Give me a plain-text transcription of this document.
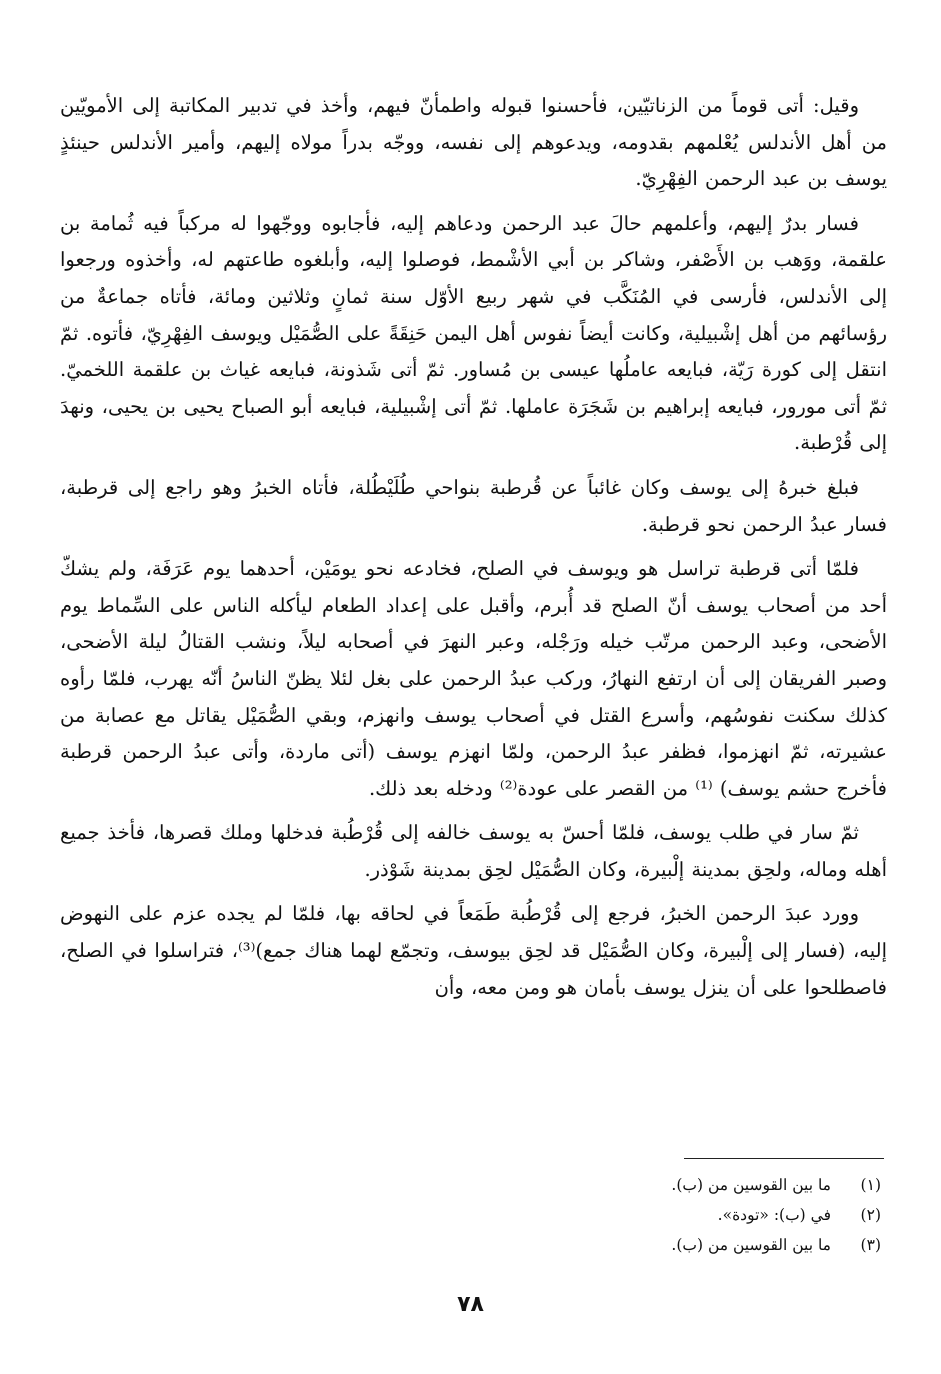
وقيل: أتى قوماً من الزناتيّين، فأحسنوا قبوله واطمأنّ فيهم، وأخذ في تدبير المكاتبة إلى الأمويّين من أهل الأندلس يُعْلمهم بقدومه، ويدعوهم إلى نفسه، ووجّه بدراً مولاه إليهم، وأمير الأندلس حينئذٍ يوسف بن عبد الرحمن الفِهْرِيّ.

فسار بدرٌ إليهم، وأعلمهم حالَ عبد الرحمن ودعاهم إليه، فأجابوه ووجّهوا له مركباً فيه ثُمامة بن علقمة، ووَهب بن الأَصْفر، وشاكر بن أبي الأشْمط، فوصلوا إليه، وأبلغوه طاعتهم له، وأخذوه ورجعوا إلى الأندلس، فأرسى في المُنَكَّب في شهر ربيع الأوّل سنة ثمانٍ وثلاثين ومائة، فأتاه جماعةٌ من رؤسائهم من أهل إشْبيلية، وكانت أيضاً نفوس أهل اليمن حَنِقَةً على الصُّمَيْل ويوسف الفِهْرِيّ، فأتوه. ثمّ انتقل إلى كورة رَيّة، فبايعه عاملُها عيسى بن مُساور. ثمّ أتى شَذونة، فبايعه غياث بن علقمة اللخميّ. ثمّ أتى مورور، فبايعه إبراهيم بن شَجَرَة عاملها. ثمّ أتى إشْبيلية، فبايعه أبو الصباح يحيى بن يحيى، ونهدَ إلى قُرْطبة.

فبلغ خبرهُ إلى يوسف وكان غائباً عن قُرطبة بنواحي طُلَيْطُلة، فأتاه الخبرُ وهو راجع إلى قرطبة، فسار عبدُ الرحمن نحو قرطبة.

فلمّا أتى قرطبة تراسل هو ويوسف في الصلح، فخادعه نحو يومَيْن، أحدهما يوم عَرَفَة، ولم يشكّ أحد من أصحاب يوسف أنّ الصلح قد أُبرم، وأقبل على إعداد الطعام ليأكله الناس على السِّماط يوم الأضحى، وعبد الرحمن مرتّب خيله ورَجْله، وعبر النهرَ في أصحابه ليلاً، ونشب القتالُ ليلة الأضحى، وصبر الفريقان إلى أن ارتفع النهارُ، وركب عبدُ الرحمن على بغل لئلا يظنّ الناسُ أنّه يهرب، فلمّا رأوه كذلك سكنت نفوسُهم، وأسرع القتل في أصحاب يوسف وانهزم، وبقي الصُّمَيْل يقاتل مع عصابة من عشيرته، ثمّ انهزموا، فظفر عبدُ الرحمن، ولمّا انهزم يوسف (أتى ماردة، وأتى عبدُ الرحمن قرطبة فأخرج حشم يوسف) ⁽¹⁾ من القصر على عودة⁽²⁾ ودخله بعد ذلك.

ثمّ سار في طلب يوسف، فلمّا أحسّ به يوسف خالفه إلى قُرْطُبة فدخلها وملك قصرها، فأخذ جميع أهله وماله، ولحِق بمدينة إلْبيرة، وكان الصُّمَيْل لحِق بمدينة شَوْذر.

وورد عبدَ الرحمن الخبرُ، فرجع إلى قُرْطُبة طَمَعاً في لحاقه بها، فلمّا لم يجده عزم على النهوض إليه، (فسار إلى إلْبيرة، وكان الصُّمَيْل قد لحِق بيوسف، وتجمّع لهما هناك جمع)⁽³⁾، فتراسلوا في الصلح، فاصطلحوا على أن ينزل يوسف بأمان هو ومن معه، وأن

(١)
ما بين القوسين من (ب).
(٢)
في (ب): «تودة».
(٣)
ما بين القوسين من (ب).
٧٨
